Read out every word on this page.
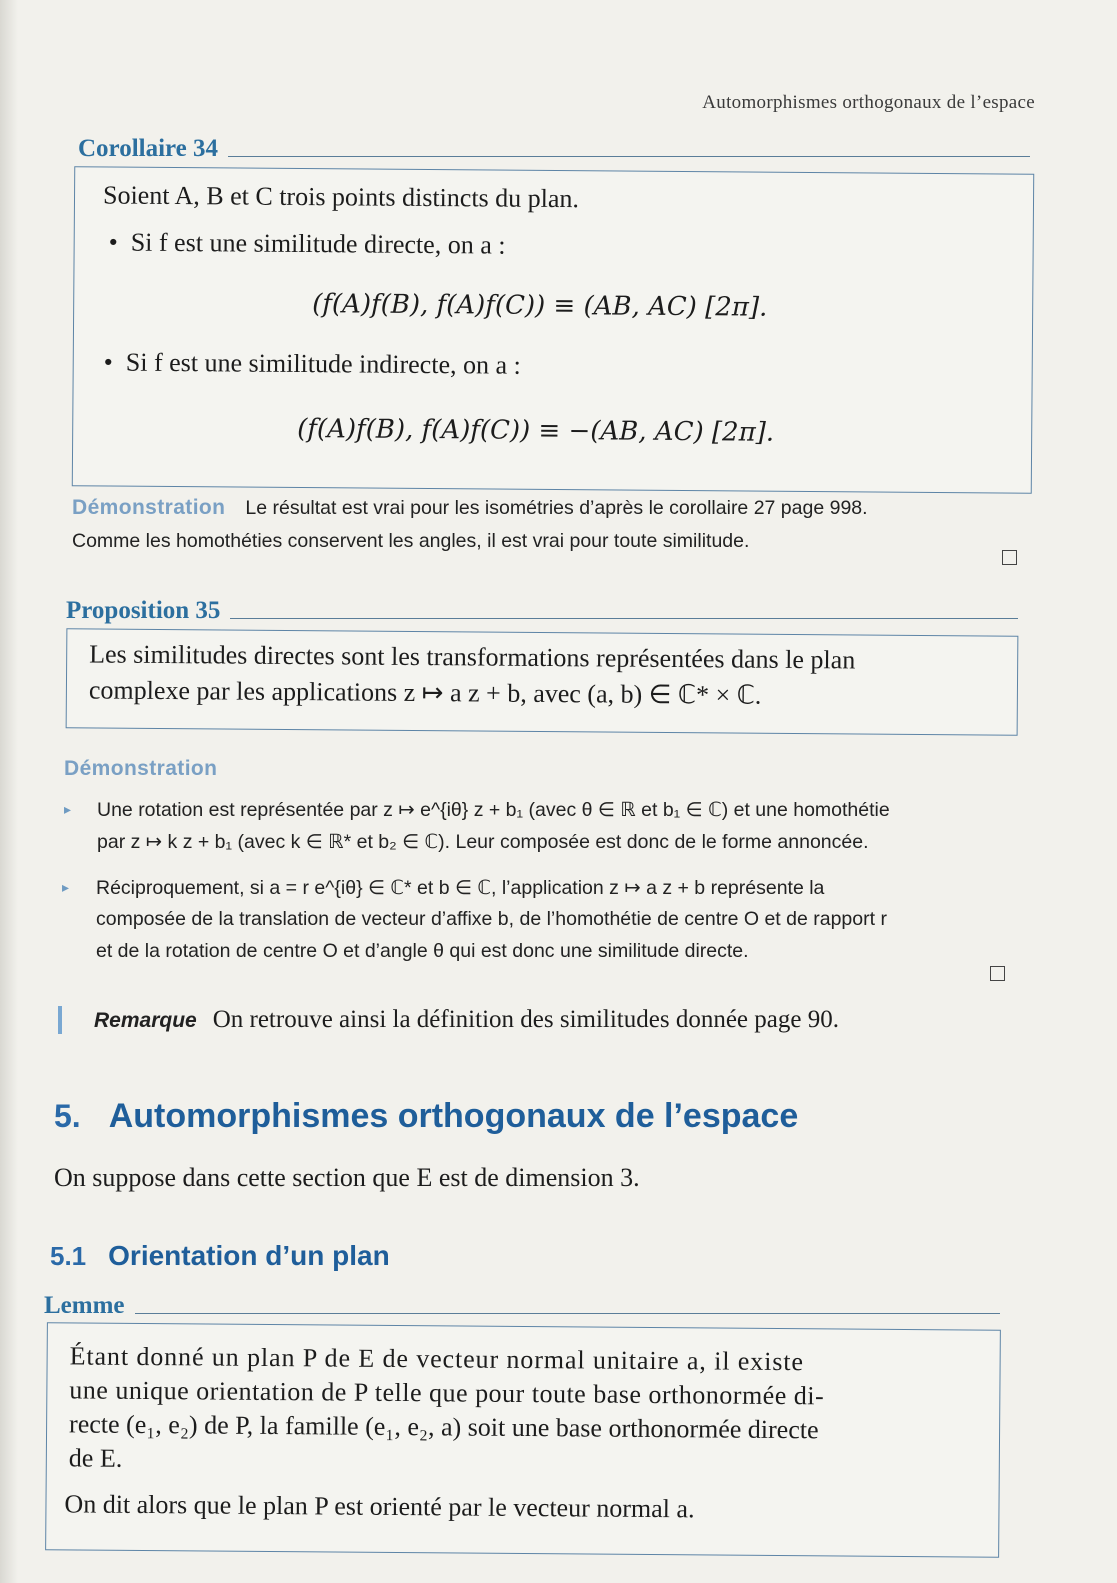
Automorphismes orthogonaux de l’espace
Corollaire 34
Soient A, B et C trois points distincts du plan.
•  Si f est une similitude directe, on a :
(f(A)f(B), f(A)f(C)) ≡ (AB, AC) [2π].
•  Si f est une similitude indirecte, on a :
(f(A)f(B), f(A)f(C)) ≡ −(AB, AC) [2π].
Démonstration Le résultat est vrai pour les isométries d’après le corollaire 27 page 998.
Comme les homothéties conservent les angles, il est vrai pour toute similitude.
Proposition 35
Les similitudes directes sont les transformations représentées dans le plan
complexe par les applications z ↦ a z + b, avec (a, b) ∈ ℂ* × ℂ.
Démonstration
▸ Une rotation est représentée par z ↦ e^{iθ} z + b₁ (avec θ ∈ ℝ et b₁ ∈ ℂ) et une homothétie
par z ↦ k z + b₁ (avec k ∈ ℝ* et b₂ ∈ ℂ). Leur composée est donc de le forme annoncée.
▸ Réciproquement, si a = r e^{iθ} ∈ ℂ* et b ∈ ℂ, l’application z ↦ a z + b représente la
composée de la translation de vecteur d’affixe b, de l’homothétie de centre O et de rapport r
et de la rotation de centre O et d’angle θ qui est donc une similitude directe.
Remarque On retrouve ainsi la définition des similitudes donnée page 90.
5. Automorphismes orthogonaux de l’espace
On suppose dans cette section que E est de dimension 3.
5.1 Orientation d’un plan
Lemme
Étant donné un plan P de E de vecteur normal unitaire a, il existe
une unique orientation de P telle que pour toute base orthonormée di-
recte (e₁, e₂) de P, la famille (e₁, e₂, a) soit une base orthonormée directe
de E.
On dit alors que le plan P est orienté par le vecteur normal a.
